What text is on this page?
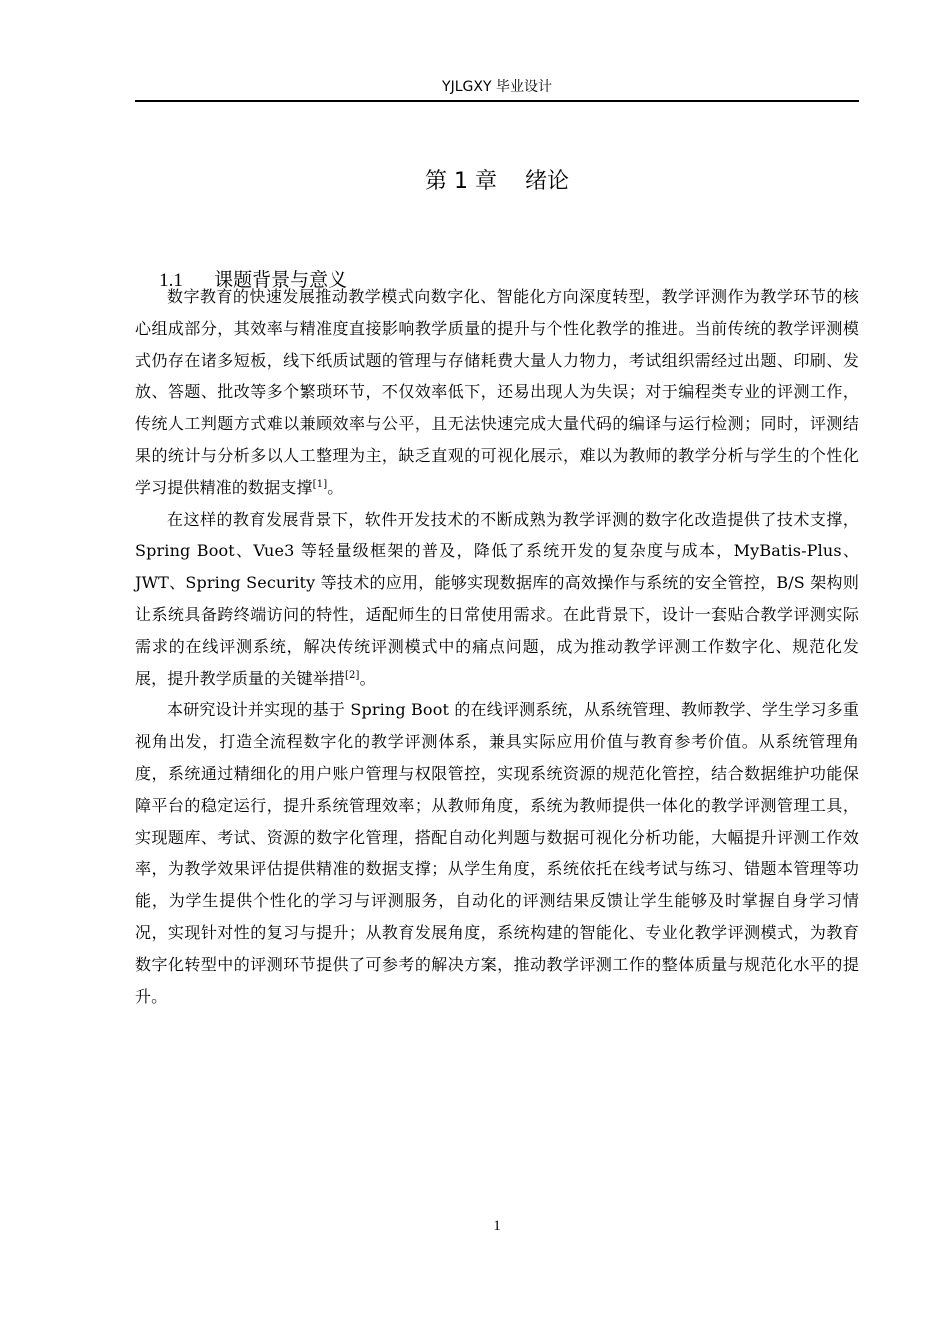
YJLGXY 毕业设计
第 1 章    绪论

1.1 课题背景与意义

数字教育的快速发展推动教学模式向数字化、智能化方向深度转型，教学评测作为教学环节的核心组成部分，其效率与精准度直接影响教学质量的提升与个性化教学的推进。当前传统的教学评测模式仍存在诸多短板，线下纸质试题的管理与存储耗费大量人力物力，考试组织需经过出题、印刷、发放、答题、批改等多个繁琐环节，不仅效率低下，还易出现人为失误；对于编程类专业的评测工作，传统人工判题方式难以兼顾效率与公平，且无法快速完成大量代码的编译与运行检测；同时，评测结果的统计与分析多以人工整理为主，缺乏直观的可视化展示，难以为教师的教学分析与学生的个性化学习提供精准的数据支撑[1]。

在这样的教育发展背景下，软件开发技术的不断成熟为教学评测的数字化改造提供了技术支撑，Spring Boot、Vue3 等轻量级框架的普及，降低了系统开发的复杂度与成本，MyBatis-Plus、JWT、Spring Security 等技术的应用，能够实现数据库的高效操作与系统的安全管控，B/S 架构则让系统具备跨终端访问的特性，适配师生的日常使用需求。在此背景下，设计一套贴合教学评测实际需求的在线评测系统，解决传统评测模式中的痛点问题，成为推动教学评测工作数字化、规范化发展，提升教学质量的关键举措[2]。

本研究设计并实现的基于 Spring Boot 的在线评测系统，从系统管理、教师教学、学生学习多重视角出发，打造全流程数字化的教学评测体系，兼具实际应用价值与教育参考价值。从系统管理角度，系统通过精细化的用户账户管理与权限管控，实现系统资源的规范化管控，结合数据维护功能保障平台的稳定运行，提升系统管理效率；从教师角度，系统为教师提供一体化的教学评测管理工具，实现题库、考试、资源的数字化管理，搭配自动化判题与数据可视化分析功能，大幅提升评测工作效率，为教学效果评估提供精准的数据支撑；从学生角度，系统依托在线考试与练习、错题本管理等功能，为学生提供个性化的学习与评测服务，自动化的评测结果反馈让学生能够及时掌握自身学习情况，实现针对性的复习与提升；从教育发展角度，系统构建的智能化、专业化教学评测模式，为教育数字化转型中的评测环节提供了可参考的解决方案，推动教学评测工作的整体质量与规范化水平的提升。

1
